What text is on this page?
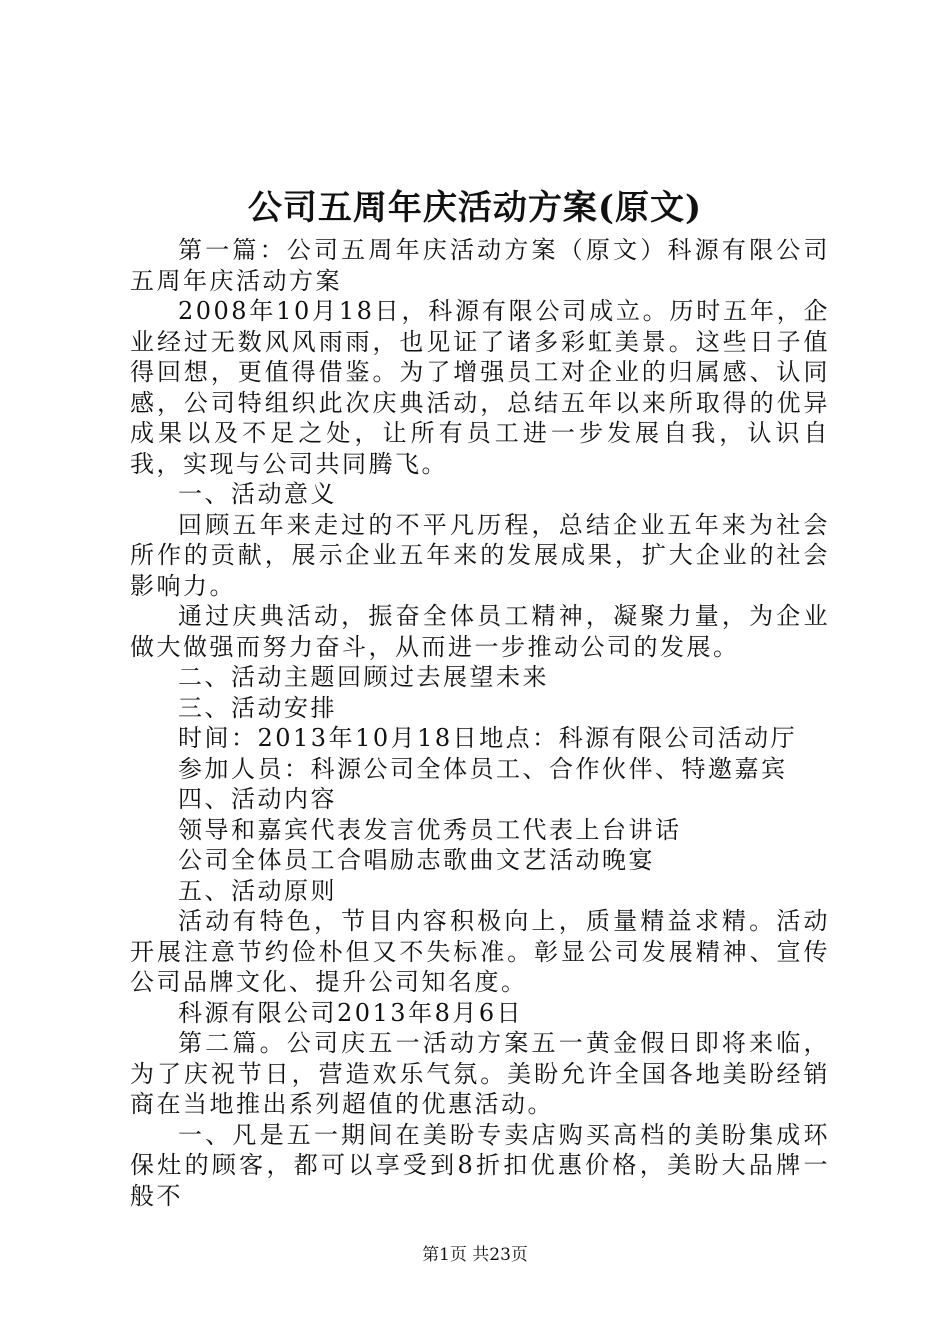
公司五周年庆活动方案(原文)

第一篇：公司五周年庆活动方案（原文）科源有限公司五周年庆活动方案

2008年10月18日，科源有限公司成立。历时五年，企业经过无数风风雨雨，也见证了诸多彩虹美景。这些日子值得回想，更值得借鉴。为了增强员工对企业的归属感、认同感，公司特组织此次庆典活动，总结五年以来所取得的优异成果以及不足之处，让所有员工进一步发展自我，认识自我，实现与公司共同腾飞。

一、活动意义

回顾五年来走过的不平凡历程，总结企业五年来为社会所作的贡献，展示企业五年来的发展成果，扩大企业的社会影响力。

通过庆典活动，振奋全体员工精神，凝聚力量，为企业做大做强而努力奋斗，从而进一步推动公司的发展。

二、活动主题回顾过去展望未来

三、活动安排

时间：2013年10月18日地点：科源有限公司活动厅

参加人员：科源公司全体员工、合作伙伴、特邀嘉宾

四、活动内容

领导和嘉宾代表发言优秀员工代表上台讲话

公司全体员工合唱励志歌曲文艺活动晚宴

五、活动原则

活动有特色，节目内容积极向上，质量精益求精。活动开展注意节约俭朴但又不失标准。彰显公司发展精神、宣传公司品牌文化、提升公司知名度。

科源有限公司2013年8月6日

第二篇。公司庆五一活动方案五一黄金假日即将来临，为了庆祝节日，营造欢乐气氛。美盼允许全国各地美盼经销商在当地推出系列超值的优惠活动。

一、凡是五一期间在美盼专卖店购买高档的美盼集成环保灶的顾客，都可以享受到8折扣优惠价格，美盼大品牌一般不

第1页 共23页
